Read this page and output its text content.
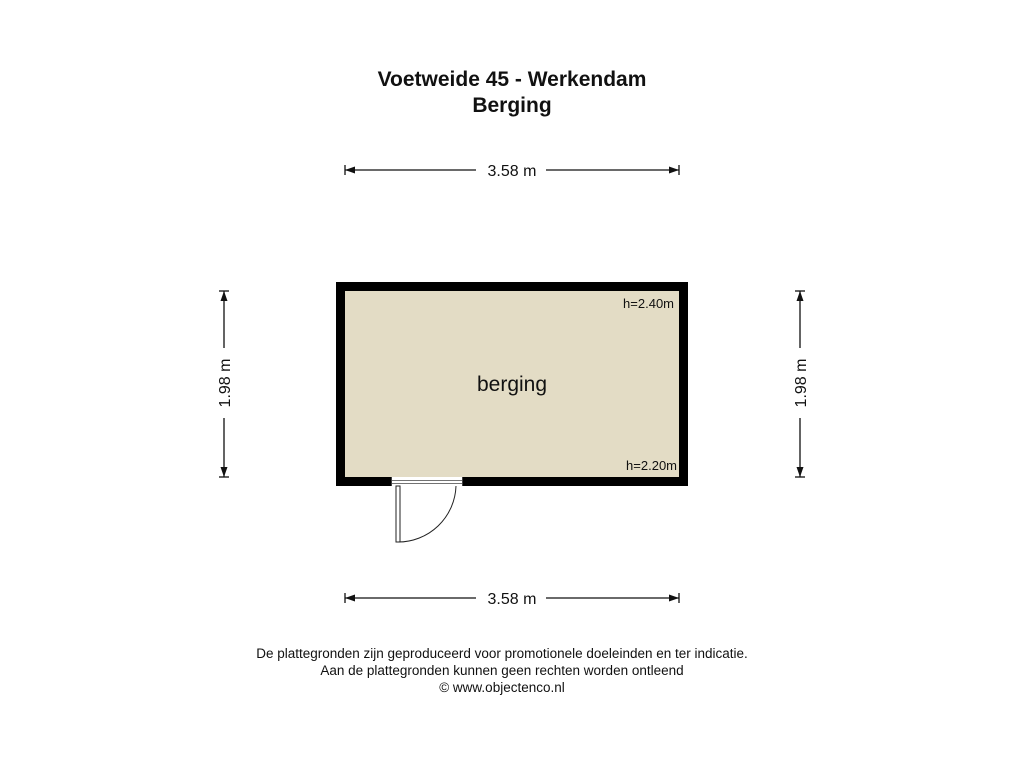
Voetweide 45 - Werkendam
Berging
3.58 m
3.58 m
1.98 m	1.98 m
berging
h=2.40m
h=2.20m
De plattegronden zijn geproduceerd voor promotionele doeleinden en ter indicatie.
Aan de plattegronden kunnen geen rechten worden ontleend
© www.objectenco.nl
